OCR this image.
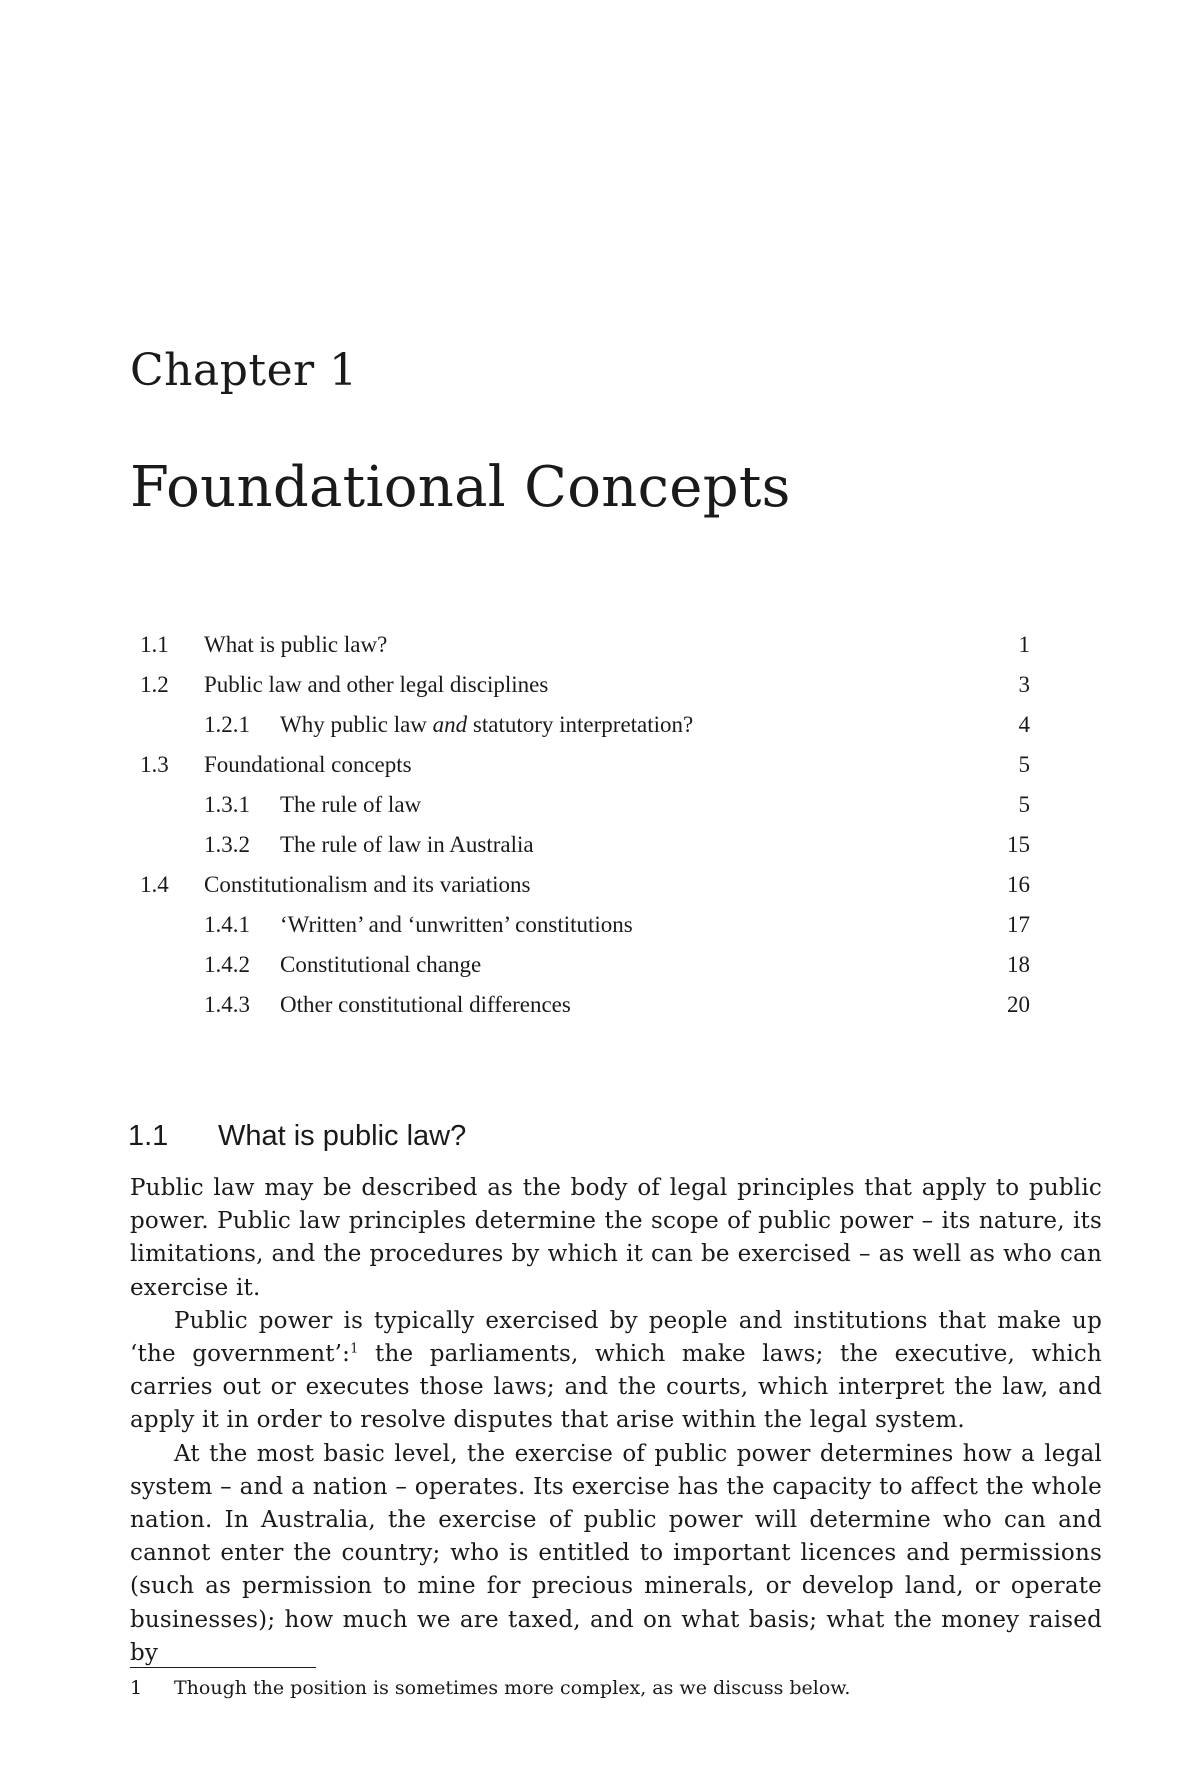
Chapter 1
Foundational Concepts
1.1 What is public law?	1
1.2 Public law and other legal disciplines	3
1.2.1 Why public law and statutory interpretation?	4
1.3 Foundational concepts	5
1.3.1 The rule of law	5
1.3.2 The rule of law in Australia	15
1.4 Constitutionalism and its variations	16
1.4.1 ‘Written’ and ‘unwritten’ constitutions	17
1.4.2 Constitutional change	18
1.4.3 Other constitutional differences	20
1.1 What is public law?

Public law may be described as the body of legal principles that apply to public power. Public law principles determine the scope of public power – its nature, its limitations, and the procedures by which it can be exercised – as well as who can exercise it.

Public power is typically exercised by people and institutions that make up ‘the government’:$^1$ the parliaments, which make laws; the executive, which carries out or executes those laws; and the courts, which interpret the law, and apply it in order to resolve disputes that arise within the legal system.

At the most basic level, the exercise of public power determines how a legal system – and a nation – operates. Its exercise has the capacity to affect the whole nation. In Australia, the exercise of public power will determine who can and cannot enter the country; who is entitled to important licences and permissions (such as permission to mine for precious minerals, or develop land, or operate businesses); how much we are taxed, and on what basis; what the money raised by

1 Though the position is sometimes more complex, as we discuss below.
